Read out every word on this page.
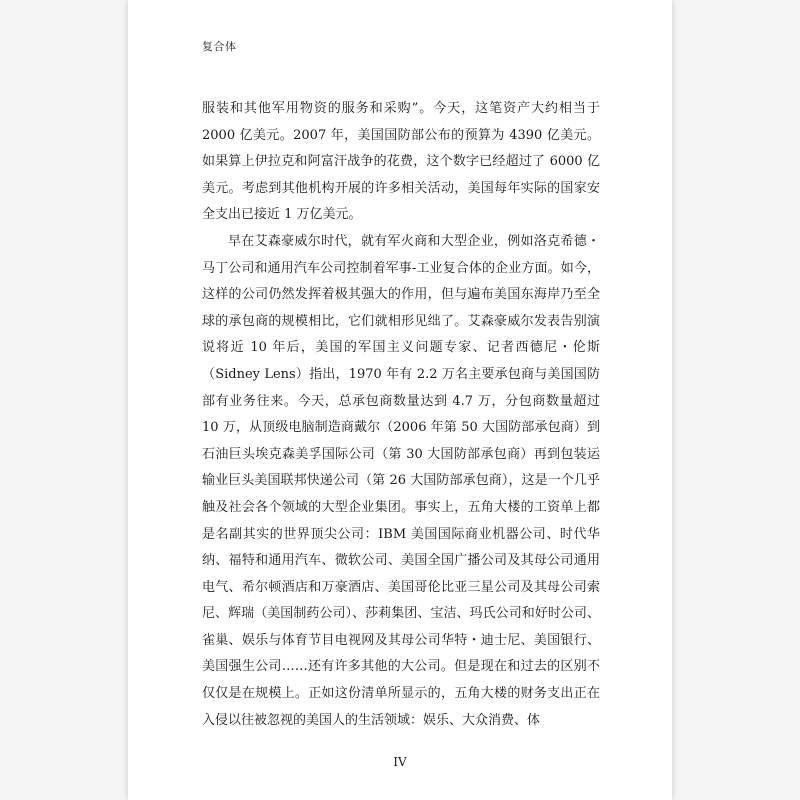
复合体

服装和其他军用物资的服务和采购”。今天，这笔资产大约相当于 2000 亿美元。2007 年，美国国防部公布的预算为 4390 亿美元。如果算上伊拉克和阿富汗战争的花费，这个数字已经超过了 6000 亿美元。考虑到其他机构开展的许多相关活动，美国每年实际的国家安全支出已接近 1 万亿美元。

早在艾森豪威尔时代，就有军火商和大型企业，例如洛克希德・马丁公司和通用汽车公司控制着军事-工业复合体的企业方面。如今，这样的公司仍然发挥着极其强大的作用，但与遍布美国东海岸乃至全球的承包商的规模相比，它们就相形见绌了。艾森豪威尔发表告别演说将近 10 年后，美国的军国主义问题专家、记者西德尼・伦斯（Sidney Lens）指出，1970 年有 2.2 万名主要承包商与美国国防部有业务往来。今天，总承包商数量达到 4.7 万，分包商数量超过 10 万，从顶级电脑制造商戴尔（2006 年第 50 大国防部承包商）到石油巨头埃克森美孚国际公司（第 30 大国防部承包商）再到包装运输业巨头美国联邦快递公司（第 26 大国防部承包商），这是一个几乎触及社会各个领域的大型企业集团。事实上，五角大楼的工资单上都是名副其实的世界顶尖公司：IBM 美国国际商业机器公司、时代华纳、福特和通用汽车、微软公司、美国全国广播公司及其母公司通用电气、希尔顿酒店和万豪酒店、美国哥伦比亚三星公司及其母公司索尼、辉瑞（美国制药公司）、莎莉集团、宝洁、玛氏公司和好时公司、雀巢、娱乐与体育节目电视网及其母公司华特・迪士尼、美国银行、美国强生公司……还有许多其他的大公司。但是现在和过去的区别不仅仅是在规模上。正如这份清单所显示的，五角大楼的财务支出正在入侵以往被忽视的美国人的生活领域：娱乐、大众消费、体

IV
